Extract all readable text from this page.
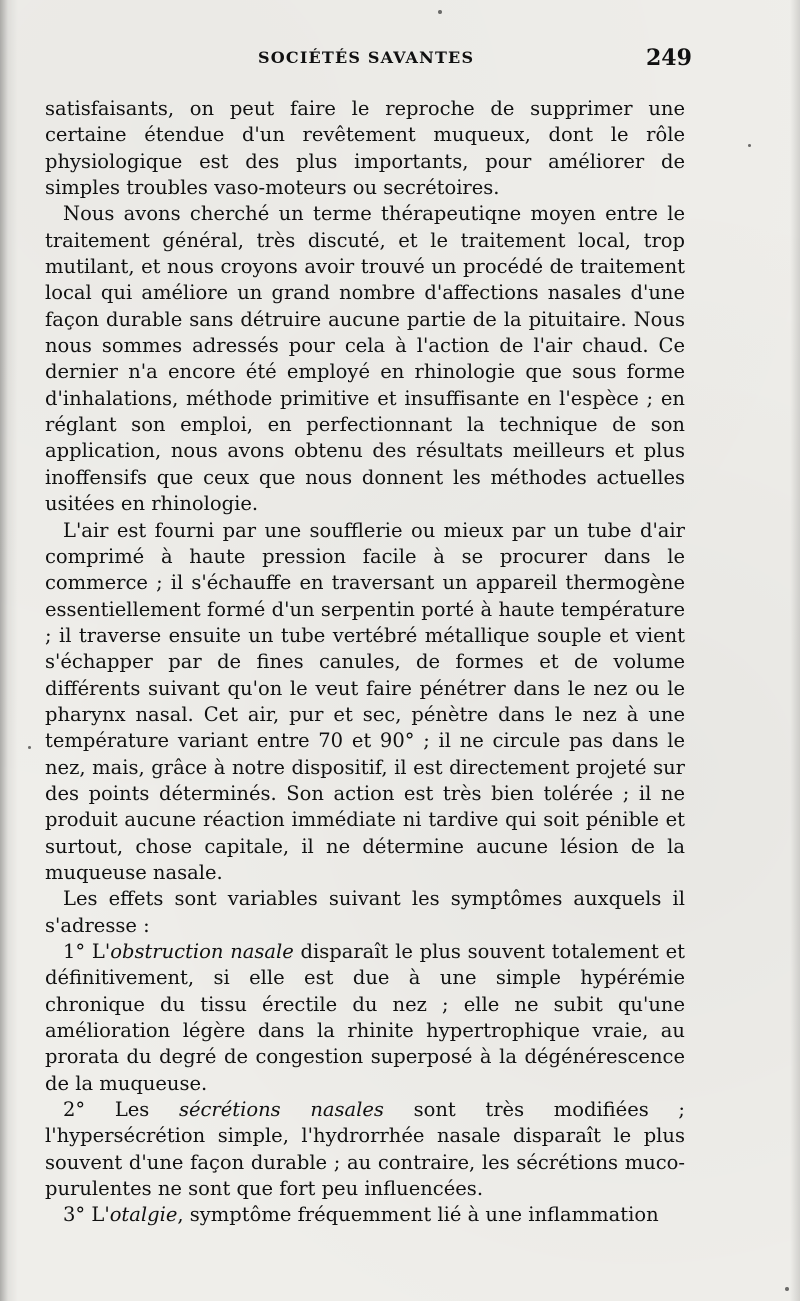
SOCIÉTÉS SAVANTES	249

satisfaisants, on peut faire le reproche de supprimer une certaine étendue d'un revêtement muqueux, dont le rôle physiologique est des plus importants, pour améliorer de simples troubles vaso-moteurs ou secrétoires.

Nous avons cherché un terme thérapeutiqne moyen entre le traitement général, très discuté, et le traitement local, trop mutilant, et nous croyons avoir trouvé un procédé de traitement local qui améliore un grand nombre d'affections nasales d'une façon durable sans détruire aucune partie de la pituitaire. Nous nous sommes adressés pour cela à l'action de l'air chaud. Ce dernier n'a encore été employé en rhinologie que sous forme d'inhalations, méthode primitive et insuffisante en l'espèce ; en réglant son emploi, en perfectionnant la technique de son application, nous avons obtenu des résultats meilleurs et plus inoffensifs que ceux que nous donnent les méthodes actuelles usitées en rhinologie.

L'air est fourni par une soufflerie ou mieux par un tube d'air comprimé à haute pression facile à se procurer dans le commerce ; il s'échauffe en traversant un appareil thermogène essentiellement formé d'un serpentin porté à haute température ; il traverse ensuite un tube vertébré métallique souple et vient s'échapper par de fines canules, de formes et de volume différents suivant qu'on le veut faire pénétrer dans le nez ou le pharynx nasal. Cet air, pur et sec, pénètre dans le nez à une température variant entre 70 et 90° ; il ne circule pas dans le nez, mais, grâce à notre dispositif, il est directement projeté sur des points déterminés. Son action est très bien tolérée ; il ne produit aucune réaction immédiate ni tardive qui soit pénible et surtout, chose capitale, il ne détermine aucune lésion de la muqueuse nasale.

Les effets sont variables suivant les symptômes auxquels il s'adresse :

1° L'obstruction nasale disparaît le plus souvent totalement et définitivement, si elle est due à une simple hypérémie chronique du tissu érectile du nez ; elle ne subit qu'une amélioration légère dans la rhinite hypertrophique vraie, au prorata du degré de congestion superposé à la dégénérescence de la muqueuse.

2° Les sécrétions nasales sont très modifiées ; l'hypersécrétion simple, l'hydrorrhée nasale disparaît le plus souvent d'une façon durable ; au contraire, les sécrétions muco-purulentes ne sont que fort peu influencées.

3° L'otalgie, symptôme fréquemment lié à une inflammation
